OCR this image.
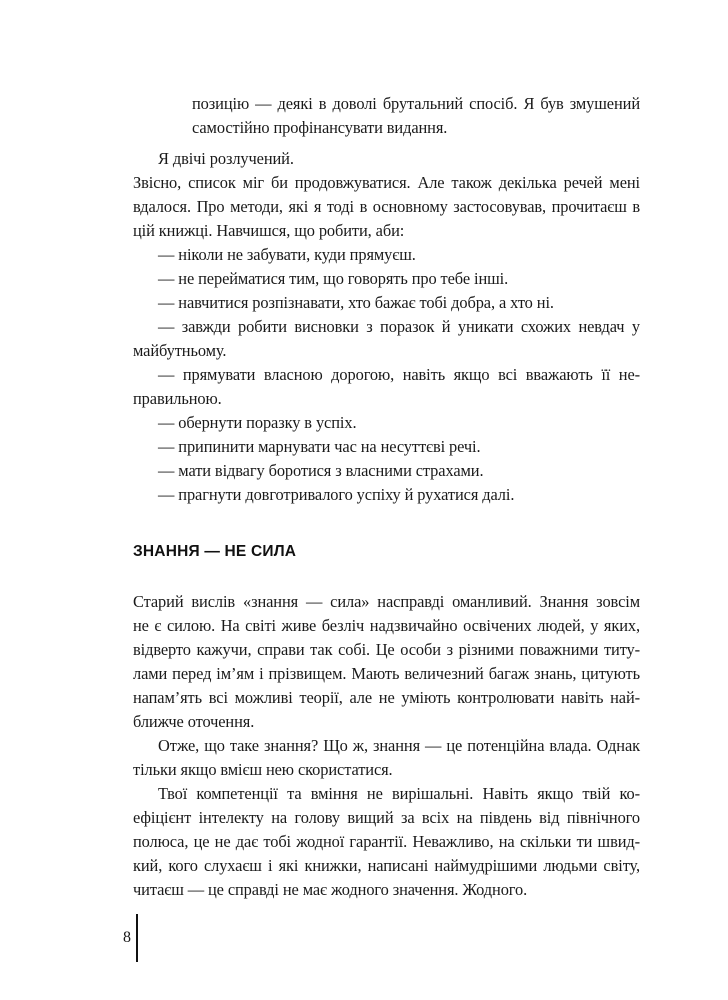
позицію — деякі в доволі брутальний спосіб. Я був змушений
самостійно профінансувати видання.
Я двічі розлучений.
Звісно, список міг би продовжуватися. Але також декілька речей мені
вдалося. Про методи, які я тоді в основному застосовував, прочитаєш в
цій книжці. Навчишся, що робити, аби:
— ніколи не забувати, куди прямуєш.
— не перейматися тим, що говорять про тебе інші.
— навчитися розпізнавати, хто бажає тобі добра, а хто ні.
— завжди робити висновки з поразок й уникати схожих невдач у
майбутньому.
— прямувати власною дорогою, навіть якщо всі вважають її не-
правильною.
— обернути поразку в успіх.
— припинити марнувати час на несуттєві речі.
— мати відвагу боротися з власними страхами.
— прагнути довготривалого успіху й рухатися далі.
ЗНАННЯ — НЕ СИЛА
Старий вислів «знання — сила» насправді оманливий. Знання зовсім
не є силою. На світі живе безліч надзвичайно освічених людей, у яких,
відверто кажучи, справи так собі. Це особи з різними поважними титу-
лами перед ім’ям і прізвищем. Мають величезний багаж знань, цитують
напам’ять всі можливі теорії, але не уміють контролювати навіть най-
ближче оточення.
Отже, що таке знання? Що ж, знання — це потенційна влада. Однак
тільки якщо вмієш нею скористатися.
Твої компетенції та вміння не вирішальні. Навіть якщо твій ко-
ефіцієнт інтелекту на голову вищий за всіх на південь від північного
полюса, це не дає тобі жодної гарантії. Неважливо, на скільки ти швид-
кий, кого слухаєш і які книжки, написані наймудрішими людьми світу,
читаєш — це справді не має жодного значення. Жодного.
8
